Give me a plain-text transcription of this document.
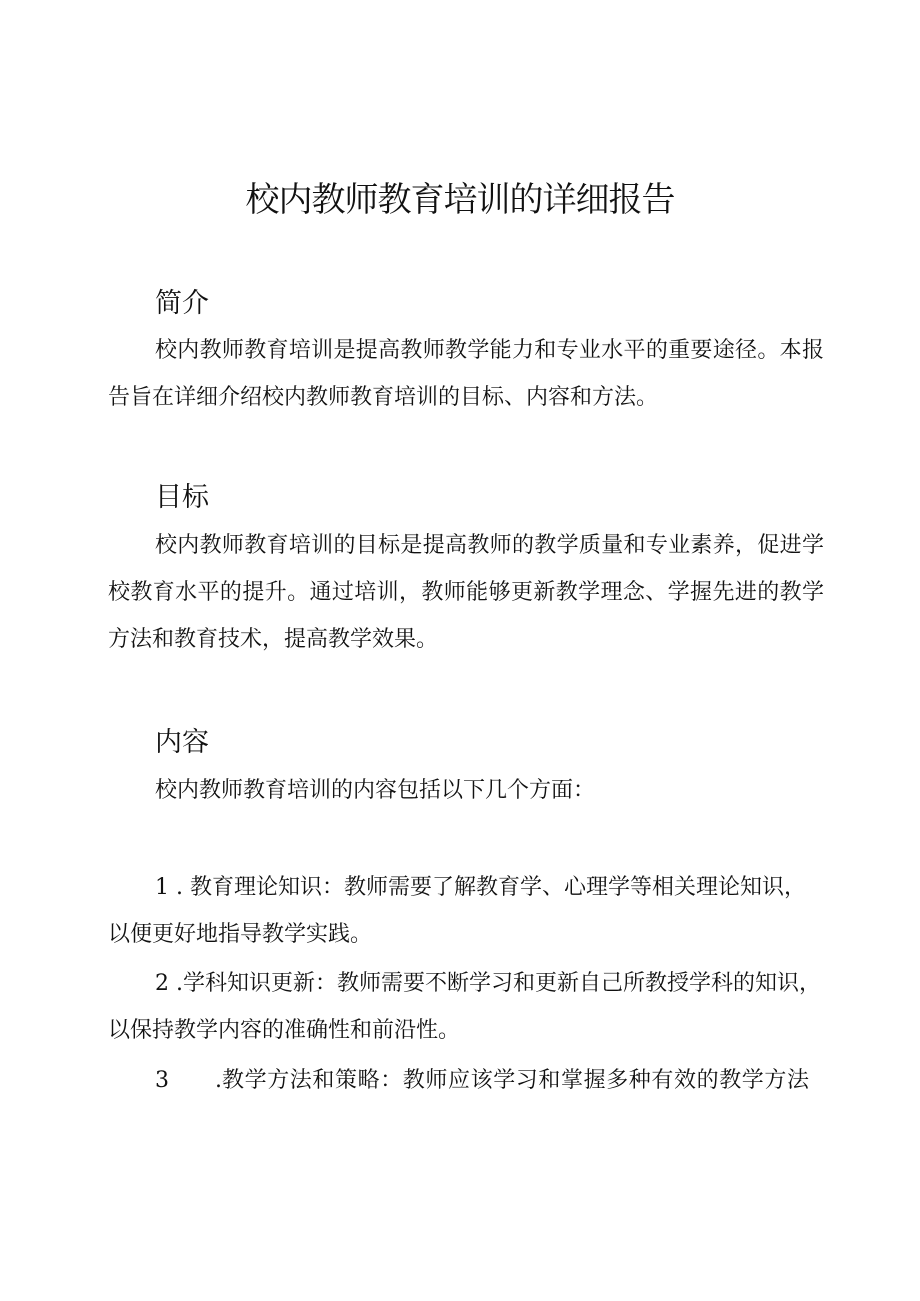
校内教师教育培训的详细报告
简介
校内教师教育培训是提高教师教学能力和专业水平的重要途径。本报告旨在详细介绍校内教师教育培训的目标、内容和方法。
目标
校内教师教育培训的目标是提高教师的教学质量和专业素养，促进学校教育水平的提升。通过培训，教师能够更新教学理念、学握先进的教学方法和教育技术，提高教学效果。
内容
校内教师教育培训的内容包括以下几个方面：
1 . 教育理论知识：教师需要了解教育学、心理学等相关理论知识，以便更好地指导教学实践。
2 .学科知识更新：教师需要不断学习和更新自己所教授学科的知识，以保持教学内容的准确性和前沿性。
3 .教学方法和策略：教师应该学习和掌握多种有效的教学方法
